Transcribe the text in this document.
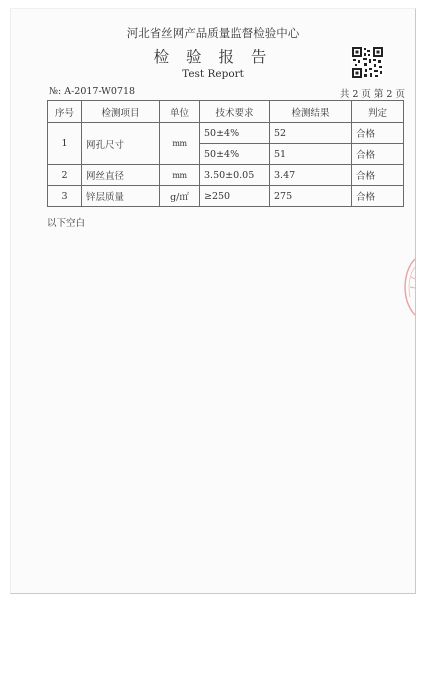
河北省丝网产品质量监督检验中心
检 验 报 告
Test Report
№: A-2017-W0718	共 2 页 第 2 页
序号	检测项目	单位	技术要求	检测结果	判定
1	网孔尺寸	mm	50±4%	52	合格
			50±4%	51	合格
2	网丝直径	mm	3.50±0.05	3.47	合格
3	锌层质量	g/㎡	≥250	275	合格
以下空白
